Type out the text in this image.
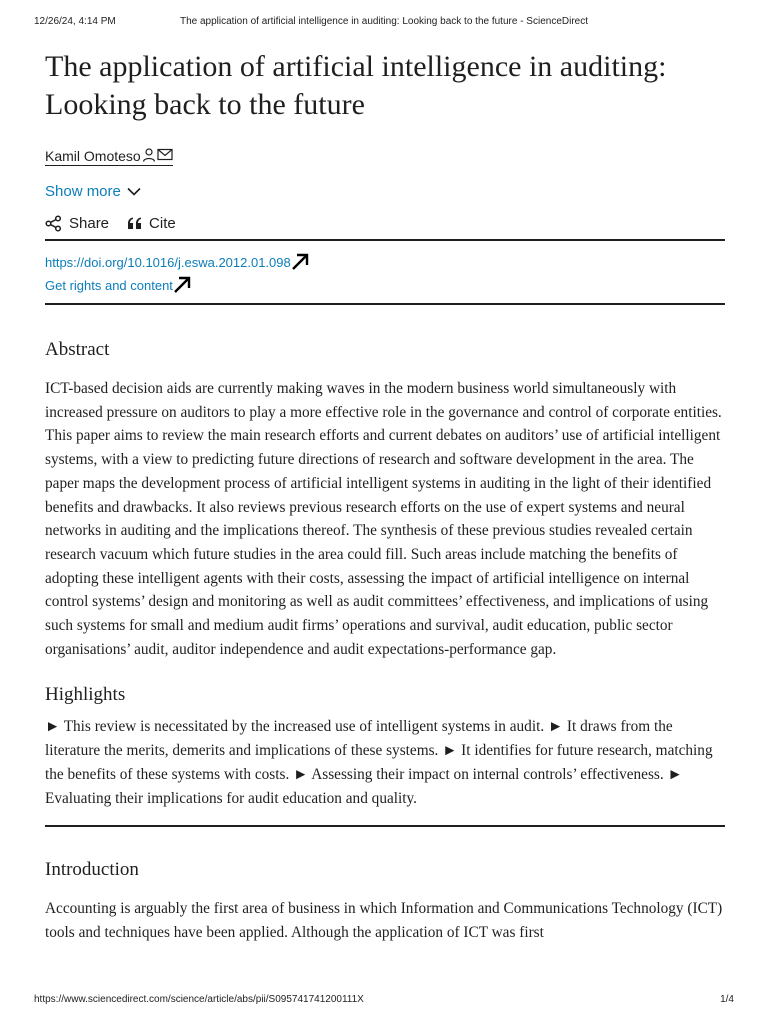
12/26/24, 4:14 PM	The application of artificial intelligence in auditing: Looking back to the future - ScienceDirect
The application of artificial intelligence in auditing: Looking back to the future
Kamil Omoteso
Show more
Share	Cite
https://doi.org/10.1016/j.eswa.2012.01.098
Get rights and content
Abstract

ICT-based decision aids are currently making waves in the modern business world simultaneously with increased pressure on auditors to play a more effective role in the governance and control of corporate entities. This paper aims to review the main research efforts and current debates on auditors’ use of artificial intelligent systems, with a view to predicting future directions of research and software development in the area. The paper maps the development process of artificial intelligent systems in auditing in the light of their identified benefits and drawbacks. It also reviews previous research efforts on the use of expert systems and neural networks in auditing and the implications thereof. The synthesis of these previous studies revealed certain research vacuum which future studies in the area could fill. Such areas include matching the benefits of adopting these intelligent agents with their costs, assessing the impact of artificial intelligence on internal control systems’ design and monitoring as well as audit committees’ effectiveness, and implications of using such systems for small and medium audit firms’ operations and survival, audit education, public sector organisations’ audit, auditor independence and audit expectations-performance gap.

Highlights

► This review is necessitated by the increased use of intelligent systems in audit. ► It draws from the literature the merits, demerits and implications of these systems. ► It identifies for future research, matching the benefits of these systems with costs. ► Assessing their impact on internal controls’ effectiveness. ► Evaluating their implications for audit education and quality.

Introduction

Accounting is arguably the first area of business in which Information and Communications Technology (ICT) tools and techniques have been applied. Although the application of ICT was first

https://www.sciencedirect.com/science/article/abs/pii/S095741741200111X	1/4
